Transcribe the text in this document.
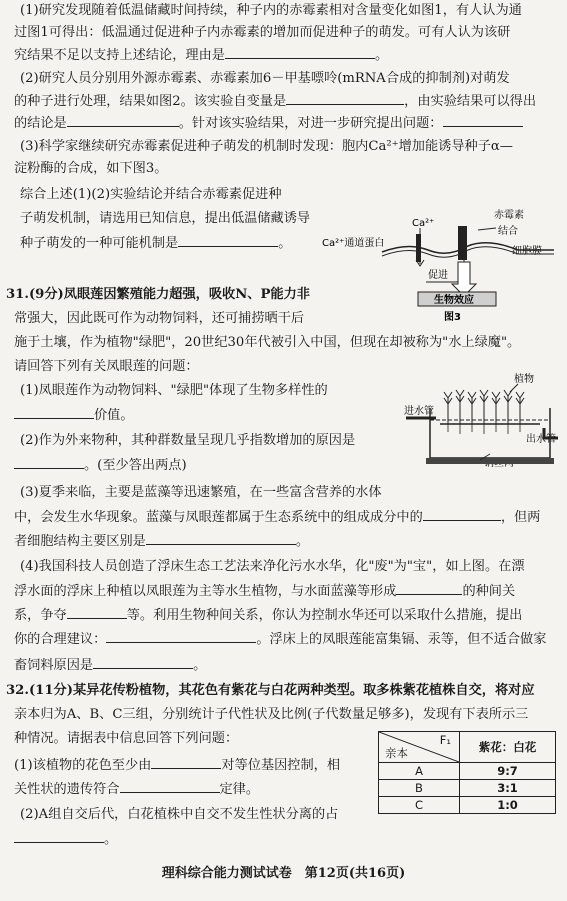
(1)研究发现随着低温储藏时间持续，种子内的赤霉素相对含量变化如图1，有人认为通
过图1可得出：低温通过促进种子内赤霉素的增加而促进种子的萌发。可有人认为该研
究结果不足以支持上述结论，理由是	。
(2)研究人员分别用外源赤霉素、赤霉素加6－甲基嘌呤(mRNA合成的抑制剂)对萌发
的种子进行处理，结果如图2。该实验自变量是	，由实验结果可以得出
的结论是	。针对该实验结果，对进一步研究提出问题：
(3)科学家继续研究赤霉素促进种子萌发的机制时发现：胞内Ca²⁺增加能诱导种子α—
淀粉酶的合成，如下图3。
综合上述(1)(2)实验结论并结合赤霉素促进种
子萌发机制，请选用已知信息，提出低温储藏诱导
种子萌发的一种可能机制是	。
Ca²⁺
赤霉素
结合
细胞膜
Ca²⁺通道蛋白
促进
生物效应
图3
31.(9分)凤眼莲因繁殖能力超强，吸收N、P能力非
常强大，因此既可作为动物饲料，还可捕捞晒干后
施于土壤，作为植物"绿肥"，20世纪30年代被引入中国，但现在却被称为"水上绿魔"。
请回答下列有关凤眼莲的问题：
(1)凤眼莲作为动物饲料、"绿肥"体现了生物多样性的
价值。
(2)作为外来物种，其种群数量呈现几乎指数增加的原因是
。(至少答出两点)
植物
进水管
出水管
(3)夏季来临，主要是蓝藻等迅速繁殖，在一些富含营养的水体
中，会发生水华现象。蓝藻与凤眼莲都属于生态系统中的组成成分中的	，但两
者细胞结构主要区别是	。
(4)我国科技人员创造了浮床生态工艺法来净化污水水华，化"废"为"宝"，如上图。在漂
浮水面的浮床上种植以凤眼莲为主等水生植物，与水面蓝藻等形成	的种间关
系，争夺	等。利用生物种间关系，你认为控制水华还可以采取什么措施，提出
你的合理建议：	。浮床上的凤眼莲能富集镉、汞等，但不适合做家
畜饲料原因是	。
32.(11分)某异花传粉植物，其花色有紫花与白花两种类型。取多株紫花植株自交，将对应
亲本归为A、B、C三组，分别统计子代性状及比例(子代数量足够多)，发现有下表所示三
种情况。请据表中信息回答下列问题：
(1)该植物的花色至少由	对等位基因控制，相
关性状的遗传符合	定律。
(2)A组自交后代，白花植株中自交不发生性状分离的占
。
F₁
亲本	紫花：白花
A	9:7
B	3:1
C	1:0
理科综合能力测试试卷　第12页(共16页)
